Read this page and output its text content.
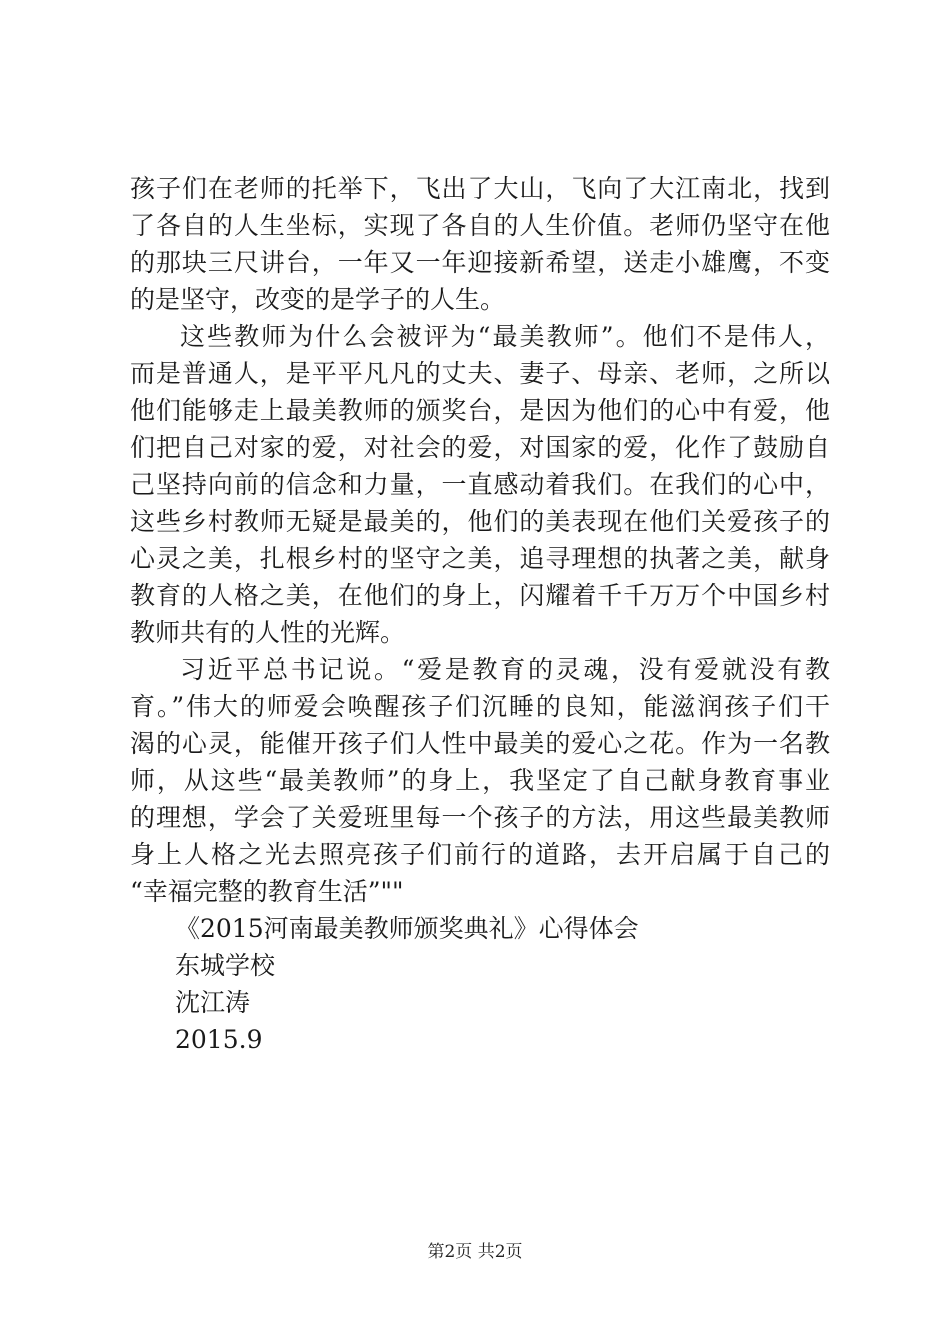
孩子们在老师的托举下，飞出了大山，飞向了大江南北，找到
了各自的人生坐标，实现了各自的人生价值。老师仍坚守在他
的那块三尺讲台，一年又一年迎接新希望，送走小雄鹰，不变
的是坚守，改变的是学子的人生。
这些教师为什么会被评为“最美教师”。他们不是伟人，
而是普通人，是平平凡凡的丈夫、妻子、母亲、老师，之所以
他们能够走上最美教师的颁奖台，是因为他们的心中有爱，他
们把自己对家的爱，对社会的爱，对国家的爱，化作了鼓励自
己坚持向前的信念和力量，一直感动着我们。在我们的心中，
这些乡村教师无疑是最美的，他们的美表现在他们关爱孩子的
心灵之美，扎根乡村的坚守之美，追寻理想的执著之美，献身
教育的人格之美，在他们的身上，闪耀着千千万万个中国乡村
教师共有的人性的光辉。
习近平总书记说。“爱是教育的灵魂，没有爱就没有教
育。”伟大的师爱会唤醒孩子们沉睡的良知，能滋润孩子们干
渴的心灵，能催开孩子们人性中最美的爱心之花。作为一名教
师，从这些“最美教师”的身上，我坚定了自己献身教育事业
的理想，学会了关爱班里每一个孩子的方法，用这些最美教师
身上人格之光去照亮孩子们前行的道路，去开启属于自己的
“幸福完整的教育生活”""
《2015河南最美教师颁奖典礼》心得体会
东城学校
沈江涛
2015.9
第2页 共2页
